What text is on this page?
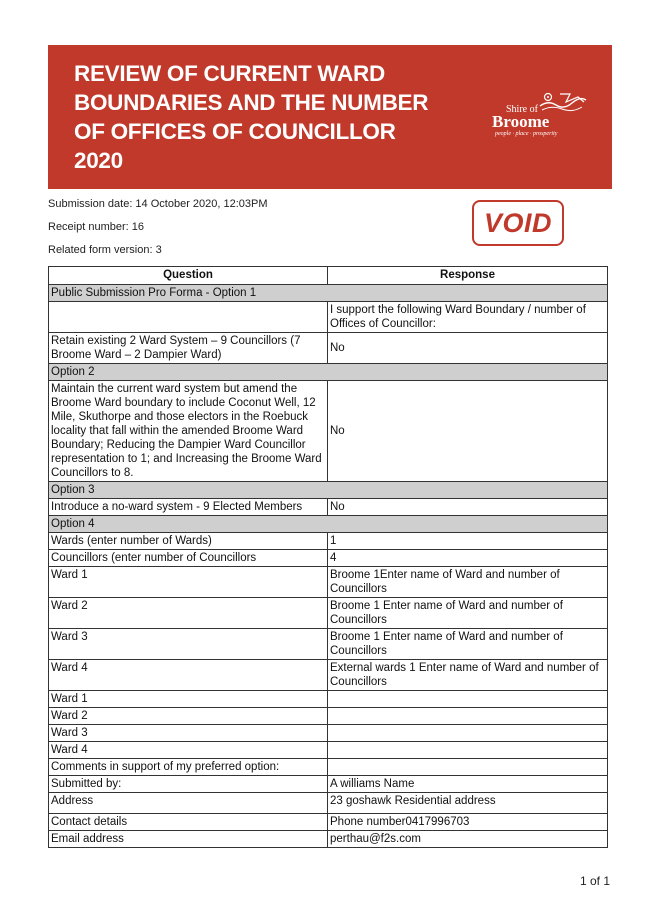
REVIEW OF CURRENT WARD
BOUNDARIES AND THE NUMBER
OF OFFICES OF COUNCILLOR
2020
Shire of
Broome
people · place · prosperity
Submission date: 14 October 2020, 12:03PM
Receipt number: 16
Related form version: 3
VOID
Question	Response
Public Submission Pro Forma - Option 1	
	I support the following Ward Boundary / number of Offices of Councillor:
Retain existing 2 Ward System – 9 Councillors (7 Broome Ward – 2 Dampier Ward)	No
Option 2	
Maintain the current ward system but amend the Broome Ward boundary to include Coconut Well, 12 Mile, Skuthorpe and those electors in the Roebuck locality that fall within the amended Broome Ward Boundary; Reducing the Dampier Ward Councillor representation to 1; and Increasing the Broome Ward Councillors to 8.	No
Option 3	
Introduce a no-ward system - 9 Elected Members	No
Option 4	
Wards (enter number of Wards)	1
Councillors (enter number of Councillors	4
Ward 1	Broome 1Enter name of Ward and number of Councillors
Ward 2	Broome 1 Enter name of Ward and number of Councillors
Ward 3	Broome 1 Enter name of Ward and number of Councillors
Ward 4	External wards 1 Enter name of Ward and number of Councillors
Ward 1	
Ward 2	
Ward 3	
Ward 4	
Comments in support of my preferred option:	
Submitted by:	A williams Name
Address	23 goshawk Residential address
Contact details	Phone number0417996703
Email address	perthau@f2s.com
1 of 1
